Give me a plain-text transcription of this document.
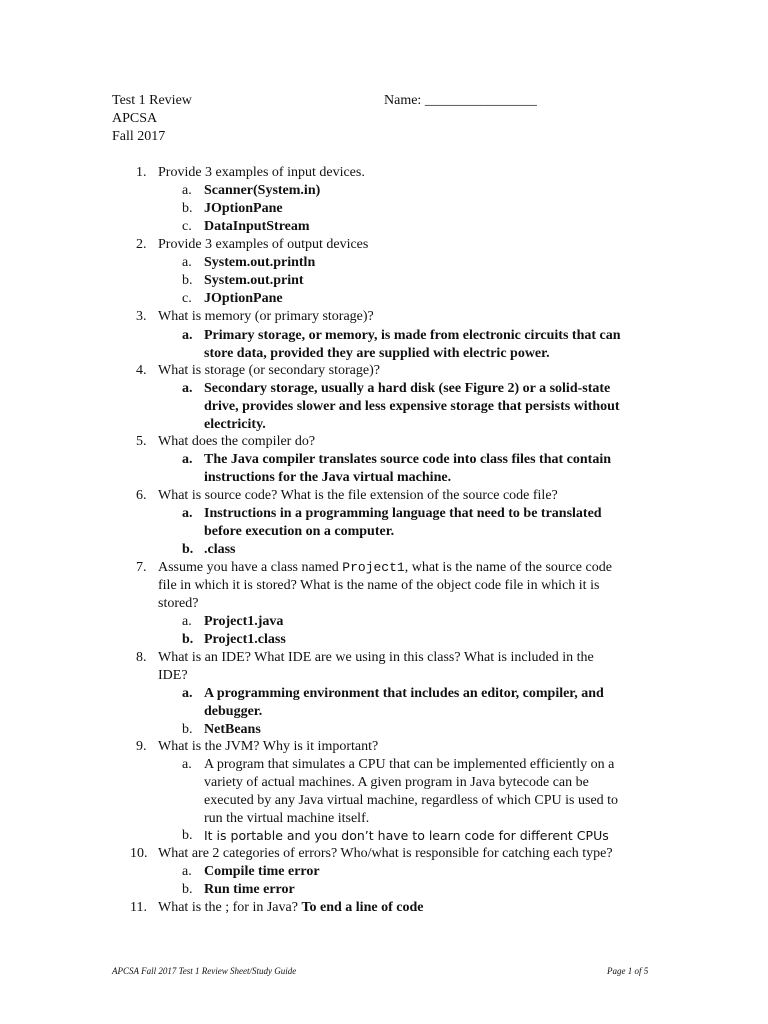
Test 1 Review
APCSA
Fall 2017
Name: ________________
1. Provide 3 examples of input devices.
a. Scanner(System.in)
b. JOptionPane
c. DataInputStream
2. Provide 3 examples of output devices
a. System.out.println
b. System.out.print
c. JOptionPane
3. What is memory (or primary storage)?
a. Primary storage, or memory, is made from electronic circuits that can
store data, provided they are supplied with electric power.
4. What is storage (or secondary storage)?
a. Secondary storage, usually a hard disk (see Figure 2) or a solid-state
drive, provides slower and less expensive storage that persists without
electricity.
5. What does the compiler do?
a. The Java compiler translates source code into class files that contain
instructions for the Java virtual machine.
6. What is source code? What is the file extension of the source code file?
a. Instructions in a programming language that need to be translated
before execution on a computer.
b. .class
7. Assume you have a class named Project1, what is the name of the source code
file in which it is stored? What is the name of the object code file in which it is
stored?
a. Project1.java
b. Project1.class
8. What is an IDE? What IDE are we using in this class? What is included in the
IDE?
a. A programming environment that includes an editor, compiler, and
debugger.
b. NetBeans
9. What is the JVM? Why is it important?
a. A program that simulates a CPU that can be implemented efficiently on a
variety of actual machines. A given program in Java bytecode can be
executed by any Java virtual machine, regardless of which CPU is used to
run the virtual machine itself.
b. It is portable and you don’t have to learn code for different CPUs
10. What are 2 categories of errors? Who/what is responsible for catching each type?
a. Compile time error
b. Run time error
11. What is the ; for in Java? To end a line of code
APCSA Fall 2017 Test 1 Review Sheet/Study Guide	Page 1 of 5
